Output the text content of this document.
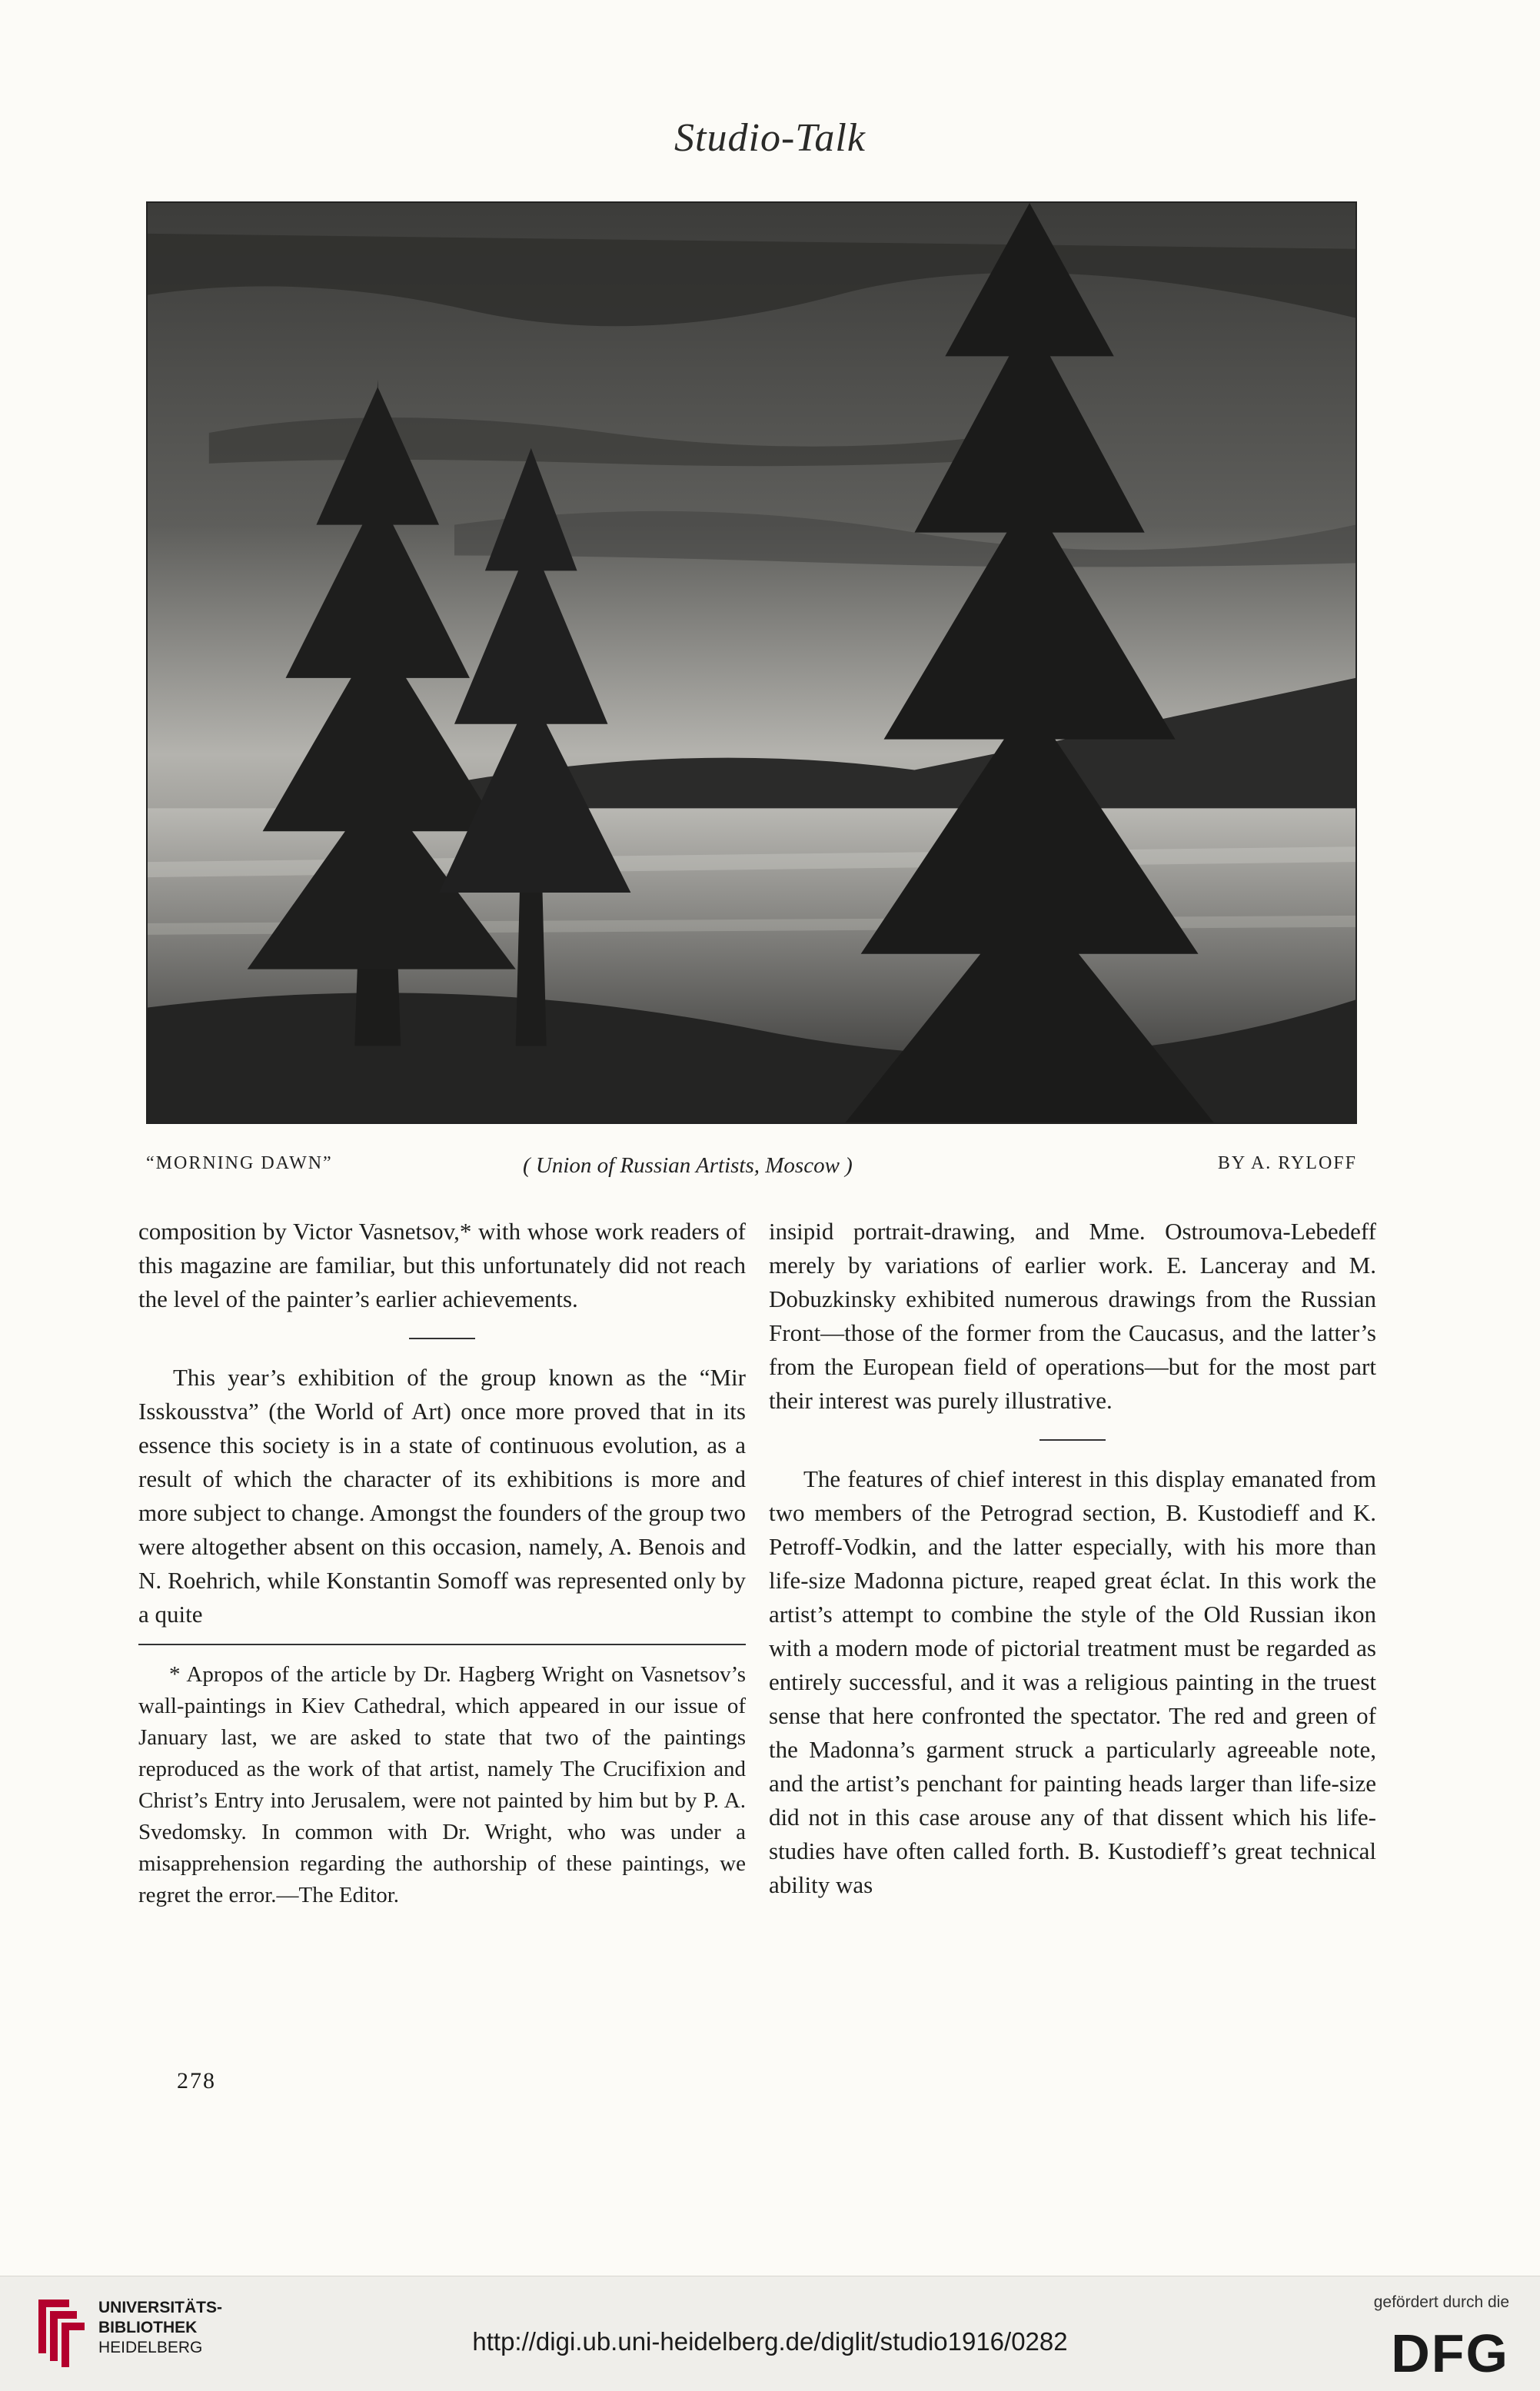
Studio-Talk
“MORNING DAWN”	( Union of Russian Artists, Moscow )	BY A. RYLOFF

composition by Victor Vasnetsov,* with whose work readers of this magazine are familiar, but this unfortunately did not reach the level of the painter’s earlier achievements.

This year’s exhibition of the group known as the “Mir Isskousstva” (the World of Art) once more proved that in its essence this society is in a state of continuous evolution, as a result of which the character of its exhibitions is more and more subject to change. Amongst the founders of the group two were altogether absent on this occasion, namely, A. Benois and N. Roehrich, while Konstantin Somoff was represented only by a quite

* Apropos of the article by Dr. Hagberg Wright on Vasnetsov’s wall-paintings in Kiev Cathedral, which appeared in our issue of January last, we are asked to state that two of the paintings reproduced as the work of that artist, namely The Crucifixion and Christ’s Entry into Jerusalem, were not painted by him but by P. A. Svedomsky. In common with Dr. Wright, who was under a misapprehension regarding the authorship of these paintings, we regret the error.—The Editor.

insipid portrait-drawing, and Mme. Ostroumova-Lebedeff merely by variations of earlier work. E. Lanceray and M. Dobuzkinsky exhibited numerous drawings from the Russian Front—those of the former from the Caucasus, and the latter’s from the European field of operations—but for the most part their interest was purely illustrative.

The features of chief interest in this display emanated from two members of the Petrograd section, B. Kustodieff and K. Petroff-Vodkin, and the latter especially, with his more than life-size Madonna picture, reaped great éclat. In this work the artist’s attempt to combine the style of the Old Russian ikon with a modern mode of pictorial treatment must be regarded as entirely successful, and it was a religious painting in the truest sense that here confronted the spectator. The red and green of the Madonna’s garment struck a particularly agreeable note, and the artist’s penchant for painting heads larger than life-size did not in this case arouse any of that dissent which his life-studies have often called forth. B. Kustodieff’s great technical ability was

278
UNIVERSITÄTS-
BIBLIOTHEK
HEIDELBERG	http://digi.ub.uni-heidelberg.de/diglit/studio1916/0282
gefördert durch die
DFG
